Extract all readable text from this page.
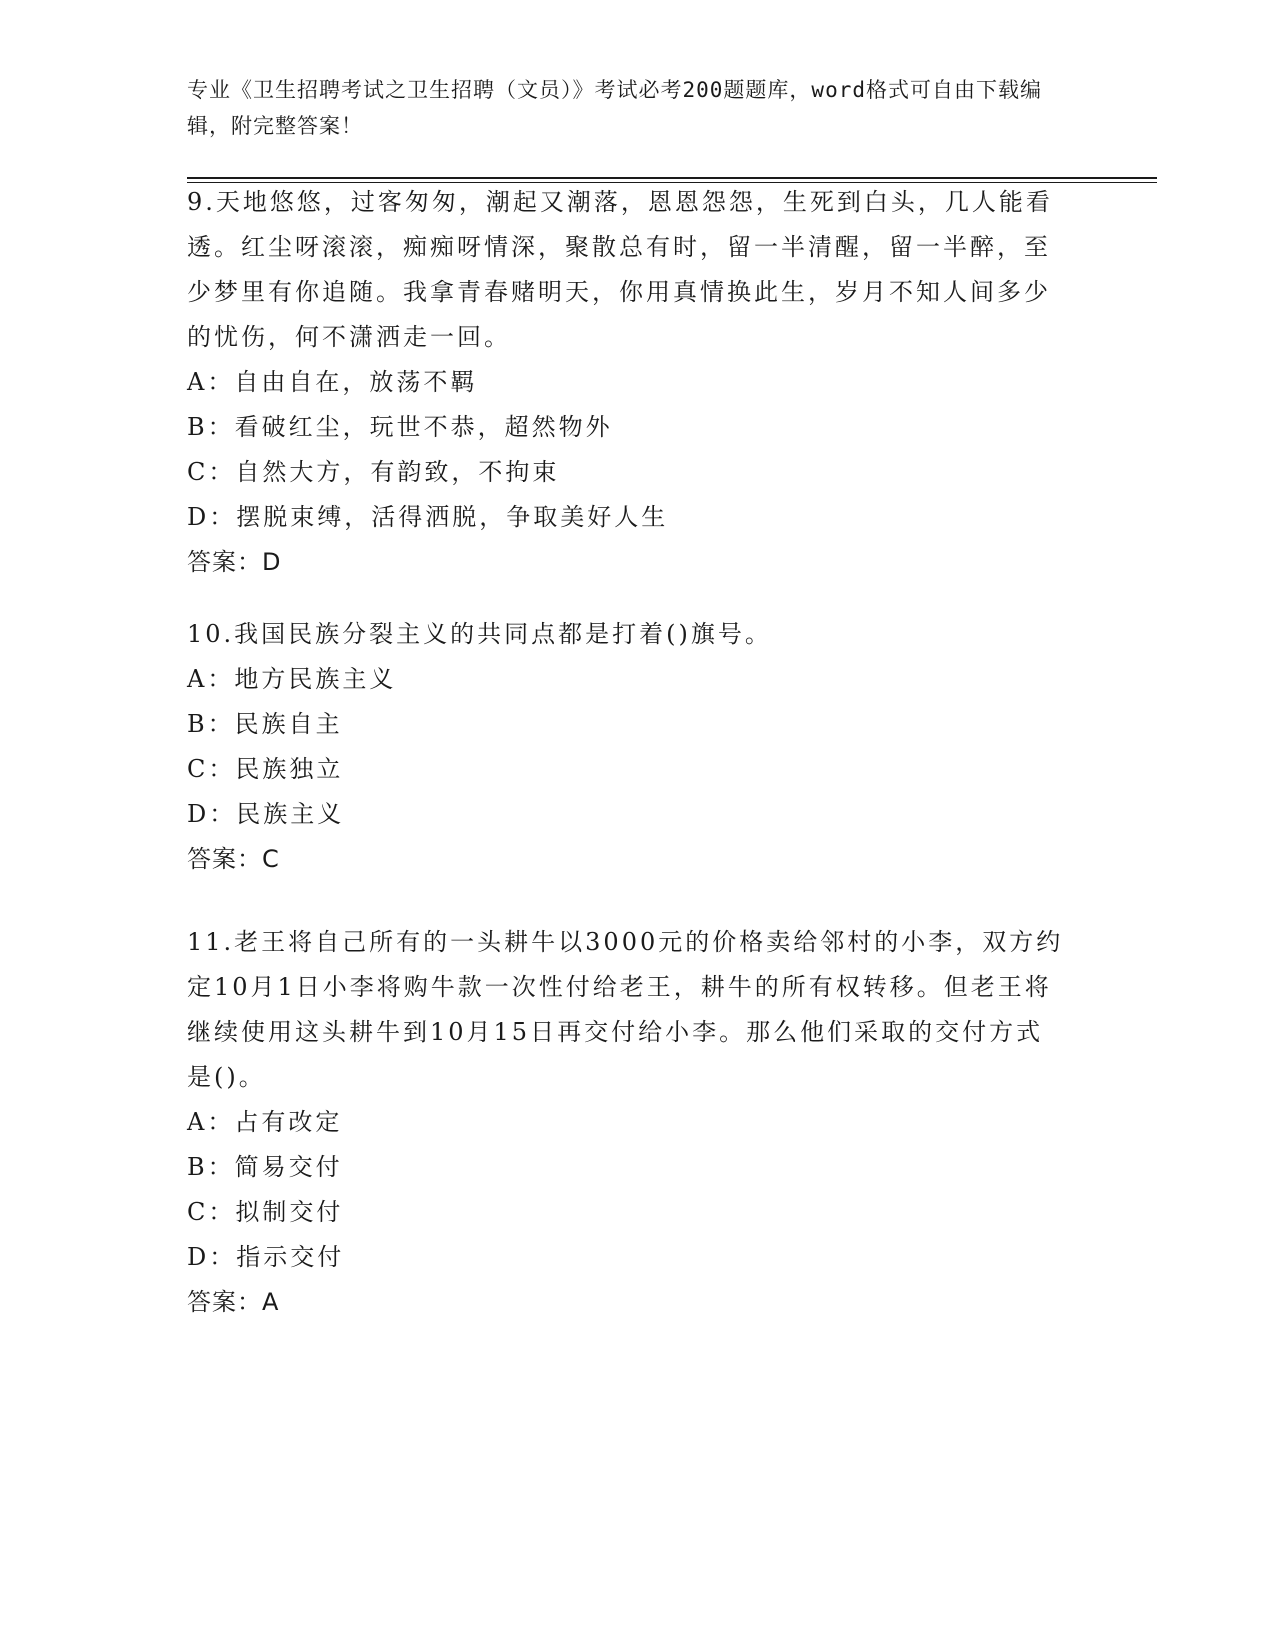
专业《卫生招聘考试之卫生招聘（文员）》考试必考200题题库，word格式可自由下载编辑，附完整答案！

9.天地悠悠，过客匆匆，潮起又潮落，恩恩怨怨，生死到白头，几人能看透。红尘呀滚滚，痴痴呀情深，聚散总有时，留一半清醒，留一半醉，至少梦里有你追随。我拿青春赌明天，你用真情换此生，岁月不知人间多少的忧伤，何不潇洒走一回。

A：自由自在，放荡不羁

B：看破红尘，玩世不恭，超然物外

C：自然大方，有韵致，不拘束

D：摆脱束缚，活得洒脱，争取美好人生

答案：D

10.我国民族分裂主义的共同点都是打着()旗号。

A：地方民族主义

B：民族自主

C：民族独立

D：民族主义

答案：C

11.老王将自己所有的一头耕牛以3000元的价格卖给邻村的小李，双方约定10月1日小李将购牛款一次性付给老王，耕牛的所有权转移。但老王将继续使用这头耕牛到10月15日再交付给小李。那么他们采取的交付方式是()。

A：占有改定

B：简易交付

C：拟制交付

D：指示交付

答案：A
